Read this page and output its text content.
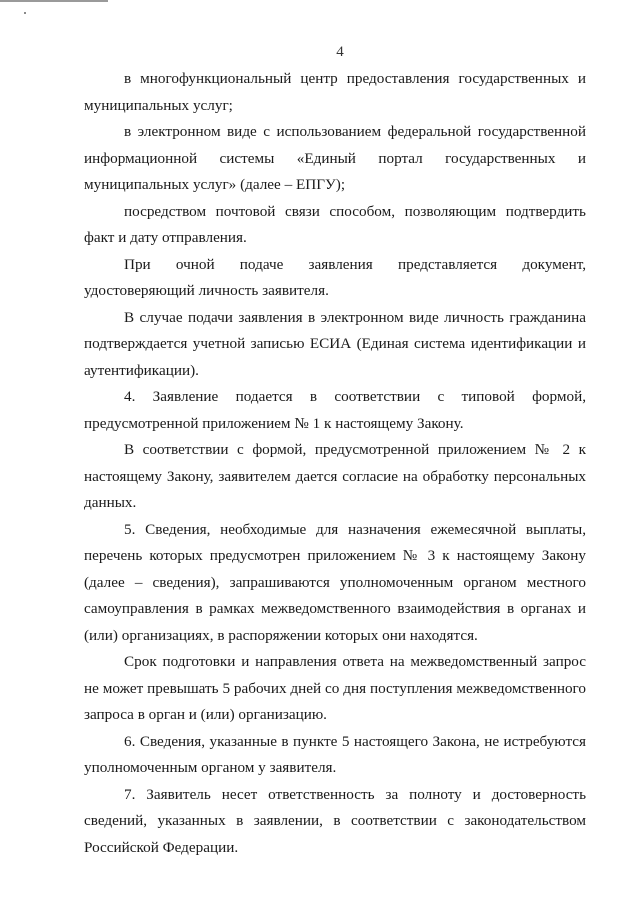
4

в многофункциональный центр предоставления государственных и муниципальных услуг;

в электронном виде с использованием федеральной государственной информационной системы «Единый портал государственных и муниципальных услуг» (далее – ЕПГУ);

посредством почтовой связи способом, позволяющим подтвердить факт и дату отправления.

При очной подаче заявления представляется документ, удостоверяющий личность заявителя.

В случае подачи заявления в электронном виде личность гражданина подтверждается учетной записью ЕСИА (Единая система идентификации и аутентификации).

4. Заявление подается в соответствии с типовой формой, предусмотренной приложением № 1 к настоящему Закону.

В соответствии с формой, предусмотренной приложением № 2 к настоящему Закону, заявителем дается согласие на обработку персональных данных.

5. Сведения, необходимые для назначения ежемесячной выплаты, перечень которых предусмотрен приложением № 3 к настоящему Закону (далее – сведения), запрашиваются уполномоченным органом местного самоуправления в рамках межведомственного взаимодействия в органах и (или) организациях, в распоряжении которых они находятся.

Срок подготовки и направления ответа на межведомственный запрос не может превышать 5 рабочих дней со дня поступления межведомственного запроса в орган и (или) организацию.

6. Сведения, указанные в пункте 5 настоящего Закона, не истребуются уполномоченным органом у заявителя.

7. Заявитель несет ответственность за полноту и достоверность сведений, указанных в заявлении, в соответствии с законодательством Российской Федерации.
